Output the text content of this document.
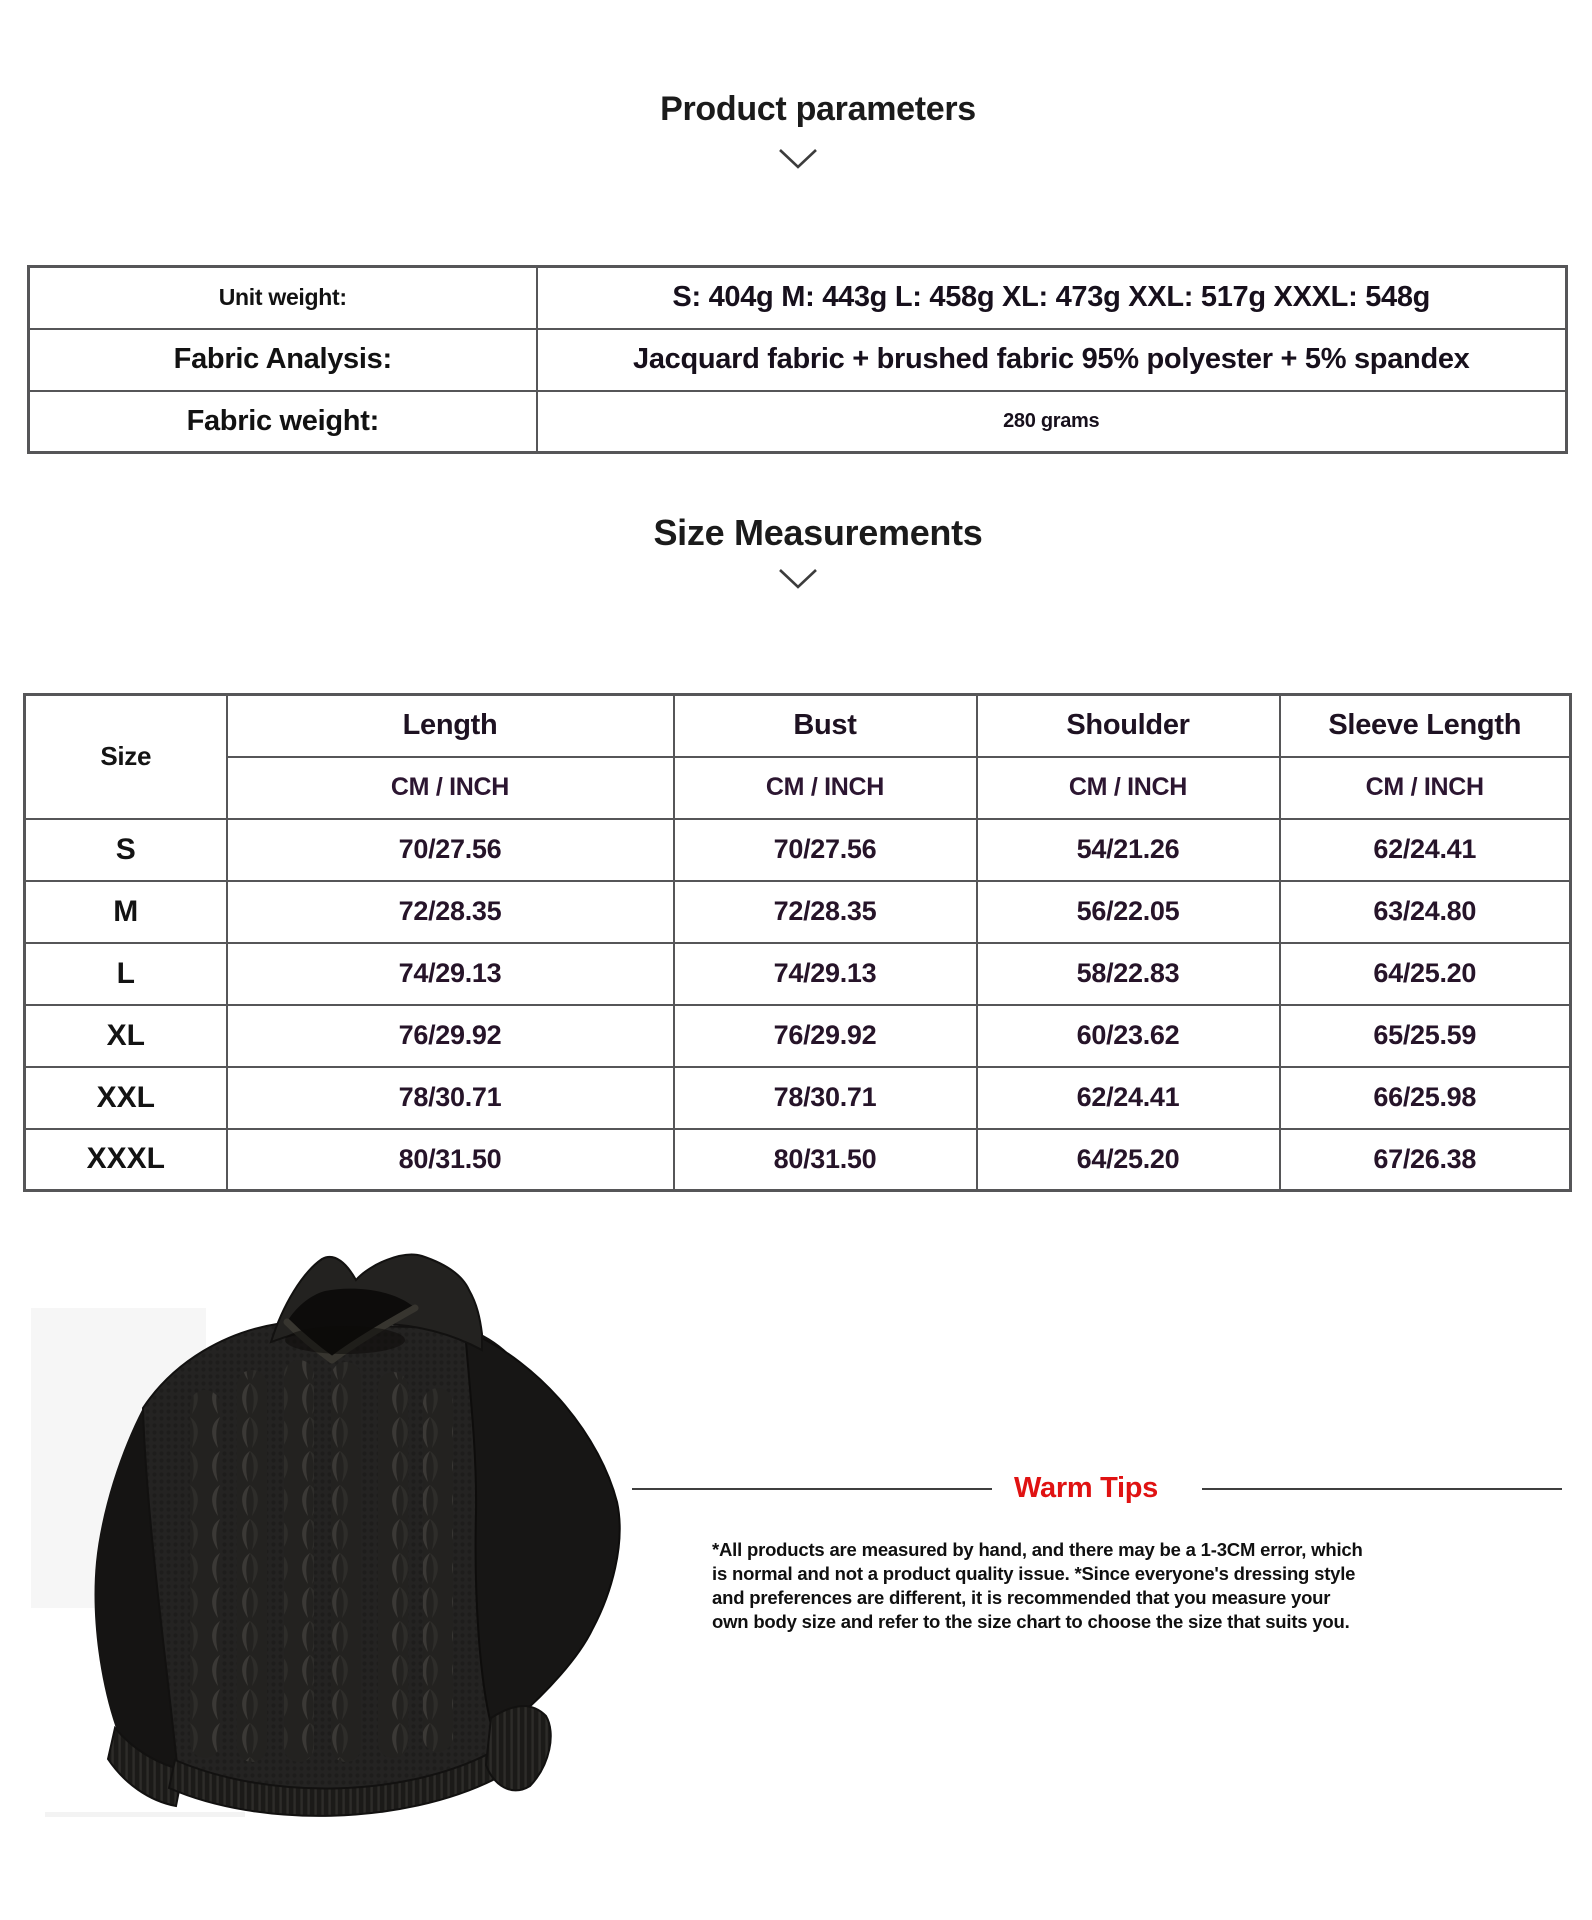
Product parameters
Unit weight:	S: 404g M: 443g L: 458g XL: 473g XXL: 517g XXXL: 548g
Fabric Analysis:	Jacquard fabric + brushed fabric 95% polyester + 5% spandex
Fabric weight:	280 grams
Size Measurements
Size	Length	Bust	Shoulder	Sleeve Length
	CM / INCH	CM / INCH	CM / INCH	CM / INCH
S	70/27.56	70/27.56	54/21.26	62/24.41
M	72/28.35	72/28.35	56/22.05	63/24.80
L	74/29.13	74/29.13	58/22.83	64/25.20
XL	76/29.92	76/29.92	60/23.62	65/25.59
XXL	78/30.71	78/30.71	62/24.41	66/25.98
XXXL	80/31.50	80/31.50	64/25.20	67/26.38
Warm Tips
*All products are measured by hand, and there may be a 1-3CM error, which
is normal and not a product quality issue. *Since everyone's dressing style
and preferences are different, it is recommended that you measure your
own body size and refer to the size chart to choose the size that suits you.
